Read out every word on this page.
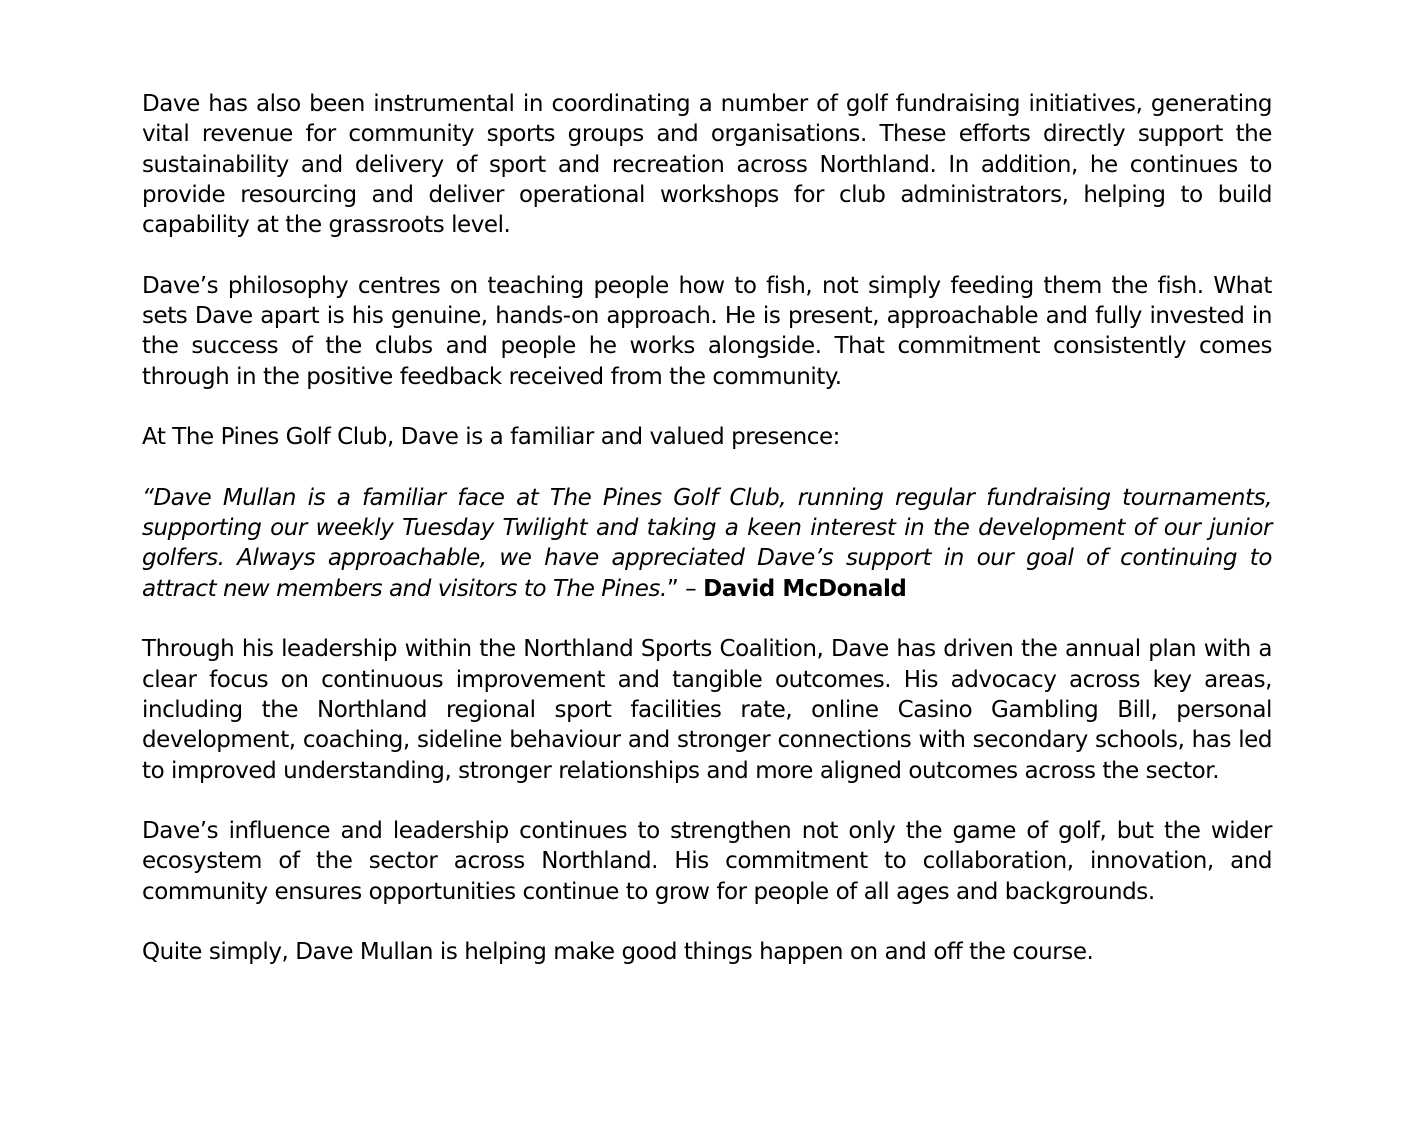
Dave has also been instrumental in coordinating a number of golf fundraising initiatives, generating vital revenue for community sports groups and organisations. These efforts directly support the sustainability and delivery of sport and recreation across Northland. In addition, he continues to provide resourcing and deliver operational workshops for club administrators, helping to build capability at the grassroots level.

Dave’s philosophy centres on teaching people how to fish, not simply feeding them the fish. What sets Dave apart is his genuine, hands-on approach. He is present, approachable and fully invested in the success of the clubs and people he works alongside. That commitment consistently comes through in the positive feedback received from the community.

At The Pines Golf Club, Dave is a familiar and valued presence:

“Dave Mullan is a familiar face at The Pines Golf Club, running regular fundraising tournaments, supporting our weekly Tuesday Twilight and taking a keen interest in the development of our junior golfers. Always approachable, we have appreciated Dave’s support in our goal of continuing to attract new members and visitors to The Pines.” – David McDonald

Through his leadership within the Northland Sports Coalition, Dave has driven the annual plan with a clear focus on continuous improvement and tangible outcomes. His advocacy across key areas, including the Northland regional sport facilities rate, online Casino Gambling Bill, personal development, coaching, sideline behaviour and stronger connections with secondary schools, has led to improved understanding, stronger relationships and more aligned outcomes across the sector.

Dave’s influence and leadership continues to strengthen not only the game of golf, but the wider ecosystem of the sector across Northland. His commitment to collaboration, innovation, and community ensures opportunities continue to grow for people of all ages and backgrounds.

Quite simply, Dave Mullan is helping make good things happen on and off the course.
